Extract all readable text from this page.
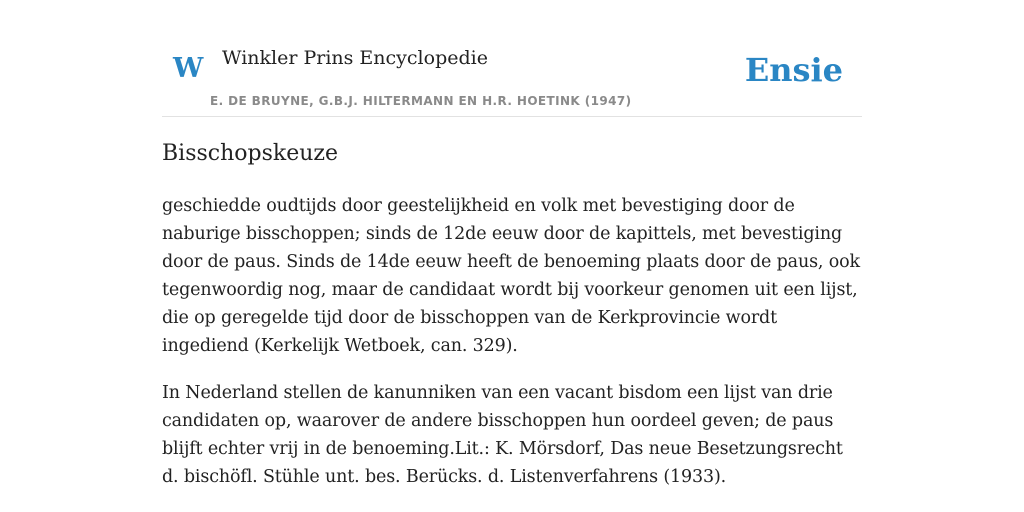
W Winkler Prins Encyclopedie
E. DE BRUYNE, G.B.J. HILTERMANN EN H.R. HOETINK (1947)
Ensie
Bisschopskeuze

geschiedde oudtijds door geestelijkheid en volk met bevestiging door de naburige bisschoppen; sinds de 12de eeuw door de kapittels, met bevestiging door de paus. Sinds de 14de eeuw heeft de benoeming plaats door de paus, ook tegenwoordig nog, maar de candidaat wordt bij voorkeur genomen uit een lijst, die op geregelde tijd door de bisschoppen van de Kerkprovincie wordt ingediend (Kerkelijk Wetboek, can. 329).

In Nederland stellen de kanunniken van een vacant bisdom een lijst van drie candidaten op, waarover de andere bisschoppen hun oordeel geven; de paus blijft echter vrij in de benoeming.Lit.: K. Mörsdorf, Das neue Besetzungsrecht d. bischöfl. Stühle unt. bes. Berücks. d. Listenverfahrens (1933).
